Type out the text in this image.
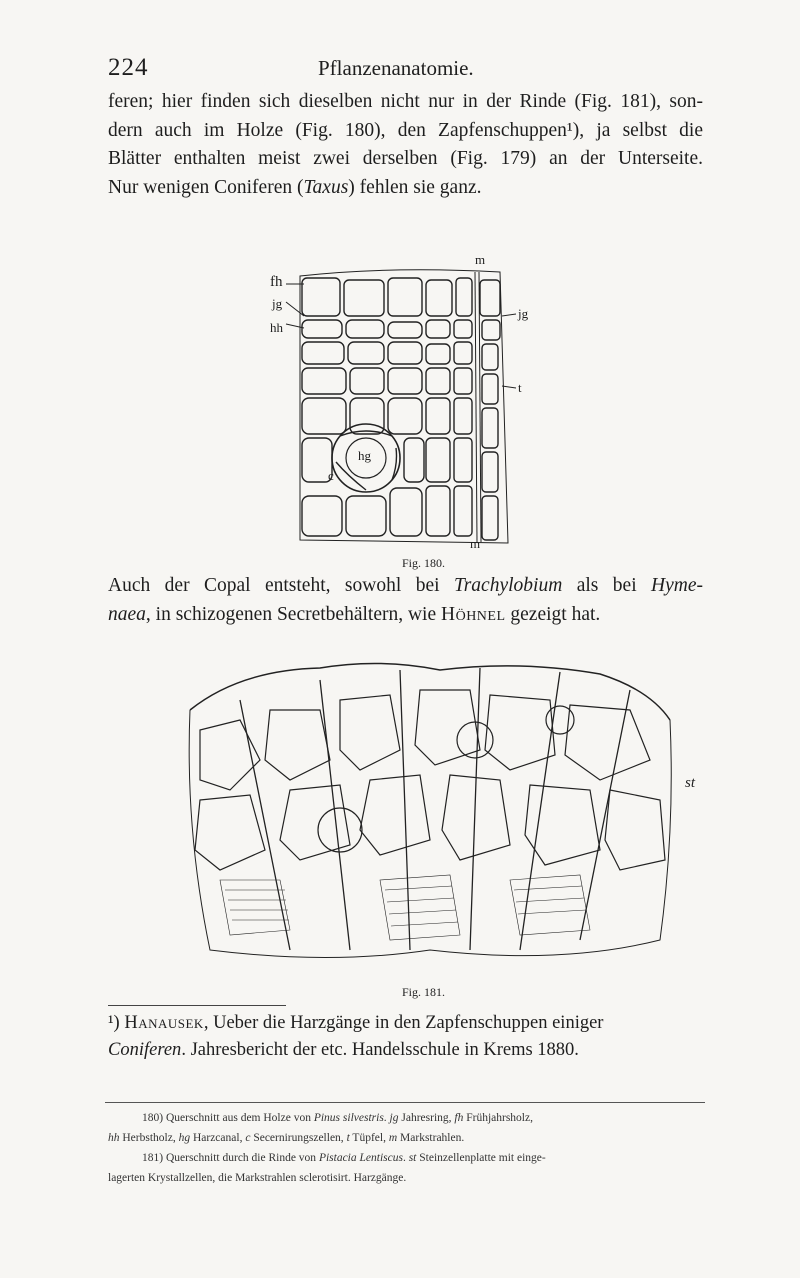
224	Pflanzenanatomie.
feren; hier finden sich dieselben nicht nur in der Rinde (Fig. 181), son-
dern auch im Holze (Fig. 180), den Zapfenschuppen¹), ja selbst die
Blätter enthalten meist zwei derselben (Fig. 179) an der Unterseite.
Nur wenigen Coniferen (Taxus) fehlen sie ganz.
m
fh
jg
hh
jg
t
hg
c
m
Fig. 180.
Auch der Copal entsteht, sowohl bei Trachylobium als bei Hyme-
naea, in schizogenen Secretbehältern, wie Höhnel gezeigt hat.
st
Fig. 181.
¹) Hanausek, Ueber die Harzgänge in den Zapfenschuppen einiger
Coniferen. Jahresbericht der etc. Handelsschule in Krems 1880.
180) Querschnitt aus dem Holze von Pinus silvestris. jg Jahresring, fh Frühjahrsholz,
hh Herbstholz, hg Harzcanal, c Secernirungszellen, t Tüpfel, m Markstrahlen.
181) Querschnitt durch die Rinde von Pistacia Lentiscus. st Steinzellenplatte mit einge-
lagerten Krystallzellen, die Markstrahlen sclerotisirt. Harzgänge.
